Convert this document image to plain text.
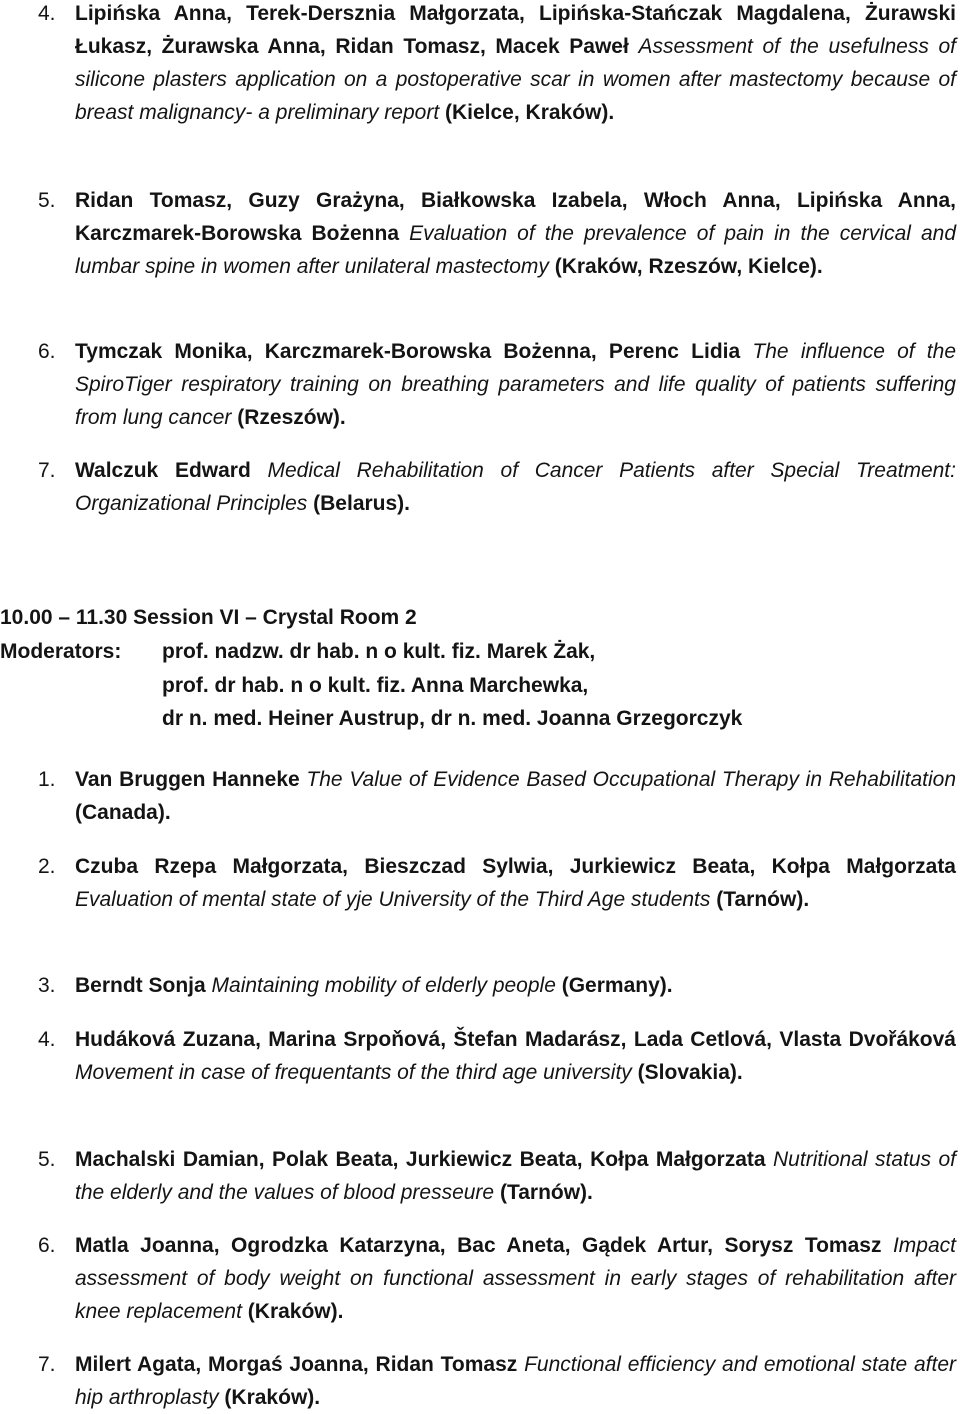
4. Lipińska Anna, Terek-Dersznia Małgorzata, Lipińska-Stańczak Magdalena, Żurawski Łukasz, Żurawska Anna, Ridan Tomasz, Macek Paweł Assessment of the usefulness of silicone plasters application on a postoperative scar in women after mastectomy because of breast malignancy- a preliminary report (Kielce, Kraków).
5. Ridan Tomasz, Guzy Grażyna, Białkowska Izabela, Włoch Anna, Lipińska Anna, Karczmarek-Borowska Bożenna Evaluation of the prevalence of pain in the cervical and lumbar spine in women after unilateral mastectomy (Kraków, Rzeszów, Kielce).
6. Tymczak Monika, Karczmarek-Borowska Bożenna, Perenc Lidia The influence of the SpiroTiger respiratory training on breathing parameters and life quality of patients suffering from lung cancer (Rzeszów).
7. Walczuk Edward Medical Rehabilitation of Cancer Patients after Special Treatment: Organizational Principles (Belarus).
10.00 – 11.30 Session VI – Crystal Room 2
Moderators: prof. nadzw. dr hab. n o kult. fiz. Marek Żak,
prof. dr hab. n o kult. fiz. Anna Marchewka,
dr n. med. Heiner Austrup, dr n. med. Joanna Grzegorczyk
1. Van Bruggen Hanneke The Value of Evidence Based Occupational Therapy in Rehabilitation (Canada).
2. Czuba Rzepa Małgorzata, Bieszczad Sylwia, Jurkiewicz Beata, Kołpa Małgorzata Evaluation of mental state of yje University of the Third Age students (Tarnów).
3. Berndt Sonja Maintaining mobility of elderly people (Germany).
4. Hudáková Zuzana, Marina Srpoňová, Štefan Madarász, Lada Cetlová, Vlasta Dvořáková Movement in case of frequentants of the third age university (Slovakia).
5. Machalski Damian, Polak Beata, Jurkiewicz Beata, Kołpa Małgorzata Nutritional status of the elderly and the values of blood presseure (Tarnów).
6. Matla Joanna, Ogrodzka Katarzyna, Bac Aneta, Gądek Artur, Sorysz Tomasz Impact assessment of body weight on functional assessment in early stages of rehabilitation after knee replacement (Kraków).
7. Milert Agata, Morgaś Joanna, Ridan Tomasz Functional efficiency and emotional state after hip arthroplasty (Kraków).
